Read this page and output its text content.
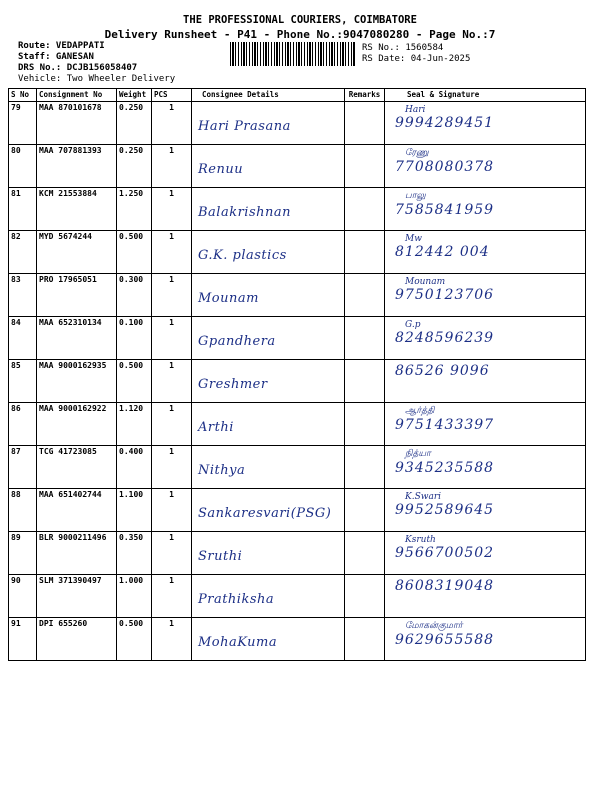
THE PROFESSIONAL COURIERS, COIMBATORE
Delivery Runsheet - P41 - Phone No.:9047080280 - Page No.:7
Route: VEDAPPATI
Staff: GANESAN
DRS No.: DCJB156058407
Vehicle: Two Wheeler Delivery
RS No.: 1560584
RS Date: 04-Jun-2025
S No	Consignment No	Weight	PCS	Consignee Details	Remarks	Seal & Signature
79	MAA 870101678	0.250	1	Hari Prasana		Hari
9994289451

80	MAA 707881393	0.250	1	Renuu		ரேணு
7708080378

81	KCM 21553884	1.250	1	Balakrishnan		பாலு
7585841959

82	MYD 5674244	0.500	1	G.K. plastics		Mw
812442 004

83	PRO 17965051	0.300	1	Mounam		Mounam
9750123706

84	MAA 652310134	0.100	1	Gpandhera		G.p
8248596239

85	MAA 9000162935	0.500	1	Greshmer		86526 9096

86	MAA 9000162922	1.120	1	Arthi		ஆர்த்தி
9751433397

87	TCG 41723085	0.400	1	Nithya		நித்யா
9345235588

88	MAA 651402744	1.100	1	Sankaresvari(PSG)		K.Swari
9952589645

89	BLR 9000211496	0.350	1	Sruthi		Ksruth
9566700502

90	SLM 371390497	1.000	1	Prathiksha		8608319048

91	DPI 655260	0.500	1	MohaKuma		மோகன்குமார்
9629655588
